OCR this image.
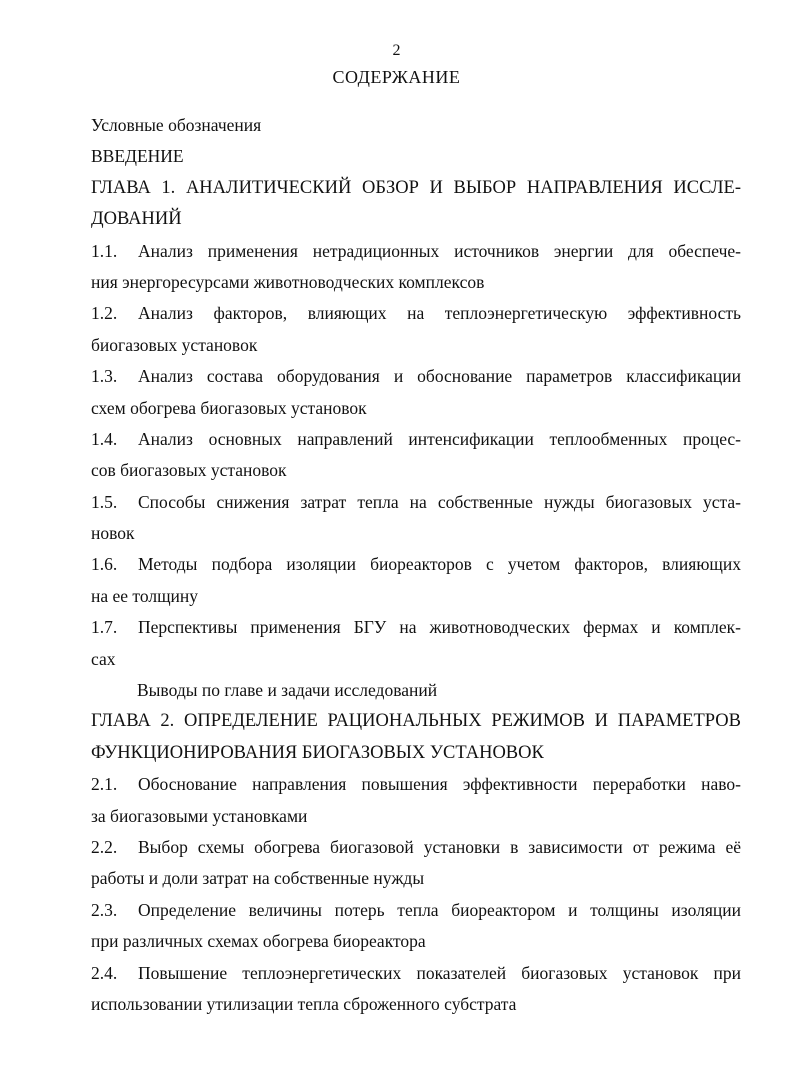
2
СОДЕРЖАНИЕ
Условные обозначения
ВВЕДЕНИЕ
ГЛАВА 1. АНАЛИТИЧЕСКИЙ ОБЗОР И ВЫБОР НАПРАВЛЕНИЯ ИССЛЕ-
ДОВАНИЙ
1.1. Анализ применения нетрадиционных источников энергии для обеспече-
ния энергоресурсами животноводческих комплексов
1.2. Анализ факторов, влияющих на теплоэнергетическую эффективность
биогазовых установок
1.3. Анализ состава оборудования и обоснование параметров классификации
схем обогрева биогазовых установок
1.4. Анализ основных направлений интенсификации теплообменных процес-
сов биогазовых установок
1.5. Способы снижения затрат тепла на собственные нужды биогазовых уста-
новок
1.6. Методы подбора изоляции биореакторов с учетом факторов, влияющих
на ее толщину
1.7. Перспективы применения БГУ на животноводческих фермах и комплек-
сах
Выводы по главе и задачи исследований
ГЛАВА 2. ОПРЕДЕЛЕНИЕ РАЦИОНАЛЬНЫХ РЕЖИМОВ И ПАРАМЕТРОВ
ФУНКЦИОНИРОВАНИЯ БИОГАЗОВЫХ УСТАНОВОК
2.1. Обоснование направления повышения эффективности переработки наво-
за биогазовыми установками
2.2. Выбор схемы обогрева биогазовой установки в зависимости от режима её
работы и доли затрат на собственные нужды
2.3. Определение величины потерь тепла биореактором и толщины изоляции
при различных схемах обогрева биореактора
2.4. Повышение теплоэнергетических показателей биогазовых установок при
использовании утилизации тепла сброженного субстрата
